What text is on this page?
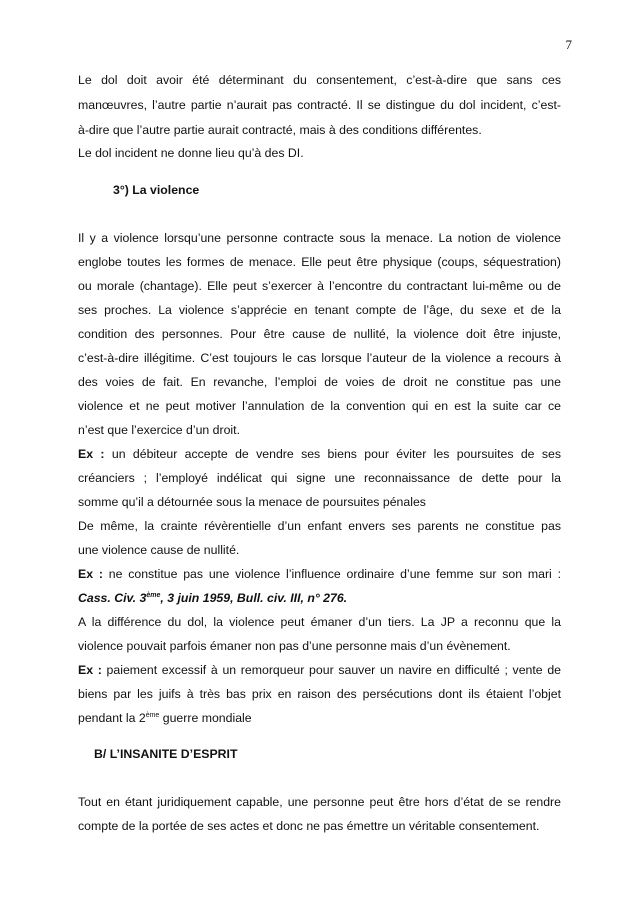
7
Le dol doit avoir été déterminant du consentement, c’est-à-dire que sans ces
manœuvres, l’autre partie n’aurait pas contracté. Il se distingue du dol incident, c’est-
à-dire que l’autre partie aurait contracté, mais à des conditions différentes.
Le dol incident ne donne lieu qu’à des DI.
3°) La violence
Il y a violence lorsqu’une personne contracte sous la menace. La notion de violence
englobe toutes les formes de menace. Elle peut être physique (coups, séquestration)
ou morale (chantage). Elle peut s’exercer à l’encontre du contractant lui-même ou de
ses proches. La violence s’apprécie en tenant compte de l’âge, du sexe et de la
condition des personnes. Pour être cause de nullité, la violence doit être injuste,
c’est-à-dire illégitime. C’est toujours le cas lorsque l’auteur de la violence a recours à
des voies de fait. En revanche, l’emploi de voies de droit ne constitue pas une
violence et ne peut motiver l’annulation de la convention qui en est la suite car ce
n’est que l’exercice d’un droit.
Ex : un débiteur accepte de vendre ses biens pour éviter les poursuites de ses
créanciers ; l’employé indélicat qui signe une reconnaissance de dette pour la
somme qu’il a détournée sous la menace de poursuites pénales
De même, la crainte révèrentielle d’un enfant envers ses parents ne constitue pas
une violence cause de nullité.
Ex : ne constitue pas une violence l’influence ordinaire d’une femme sur son mari :
Cass. Civ. 3ème, 3 juin 1959, Bull. civ. III, n° 276.
A la différence du dol, la violence peut émaner d’un tiers. La JP a reconnu que la
violence pouvait parfois émaner non pas d’une personne mais d’un évènement.
Ex : paiement excessif à un remorqueur pour sauver un navire en difficulté ; vente de
biens par les juifs à très bas prix en raison des persécutions dont ils étaient l’objet
pendant la 2ème guerre mondiale
B/ L’INSANITE D’ESPRIT
Tout en étant juridiquement capable, une personne peut être hors d’état de se rendre
compte de la portée de ses actes et donc ne pas émettre un véritable consentement.
